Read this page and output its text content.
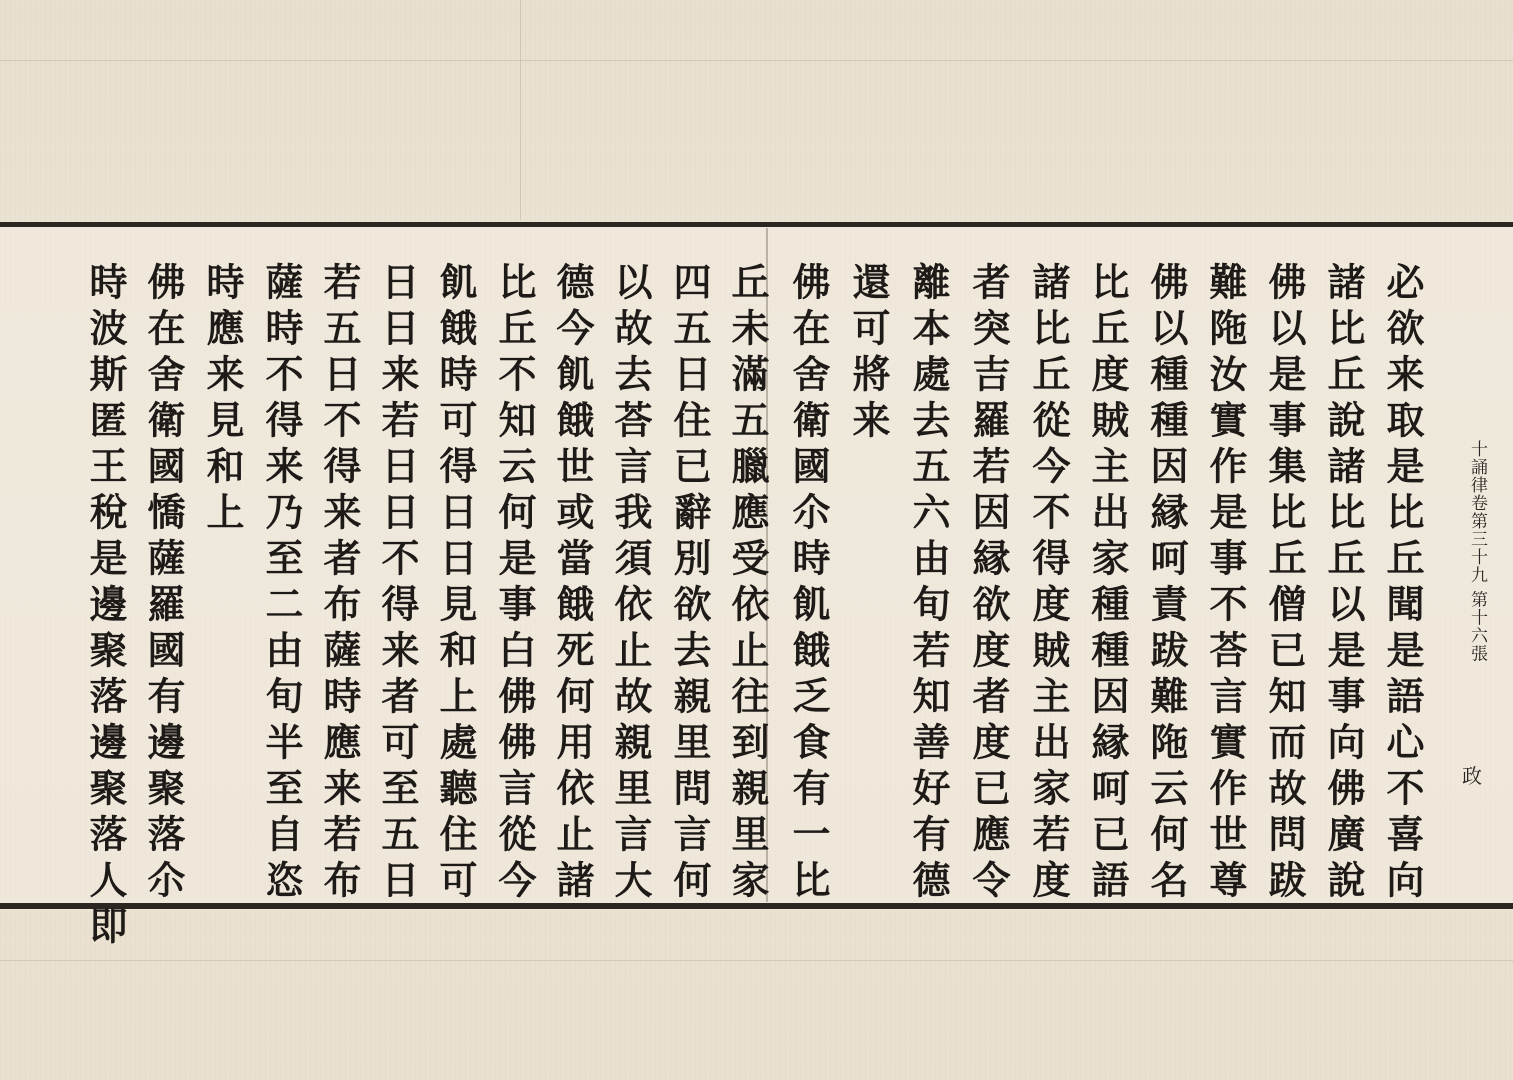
十誦律卷第三十九 第十六張
政
必欲来取是比丘聞是語心不喜向
諸比丘說諸比丘以是事向佛廣說
佛以是事集比丘僧已知而故問跋
難陁汝實作是事不荅言實作世尊
佛以種種因縁呵責跋難陁云何名
比丘度賊主出家種種因縁呵已語
諸比丘從今不得度賊主出家若度
者突吉羅若因縁欲度者度已應令
離本處去五六由旬若知善好有德
還可將来
佛在舍衛國尒時飢餓乏食有一比
丘未滿五臘應受依止往到親里家
四五日住已辭別欲去親里問言何
以故去荅言我須依止故親里言大
德今飢餓世或當餓死何用依止諸
比丘不知云何是事白佛佛言從今
飢餓時可得日日見和上處聽住可
日日来若日日不得来者可至五日
若五日不得来者布薩時應来若布
薩時不得来乃至二由旬半至自恣
時應来見和上
佛在舍衛國憍薩羅國有邊聚落尒
時波斯匿王稅是邊聚落邊聚落人即
